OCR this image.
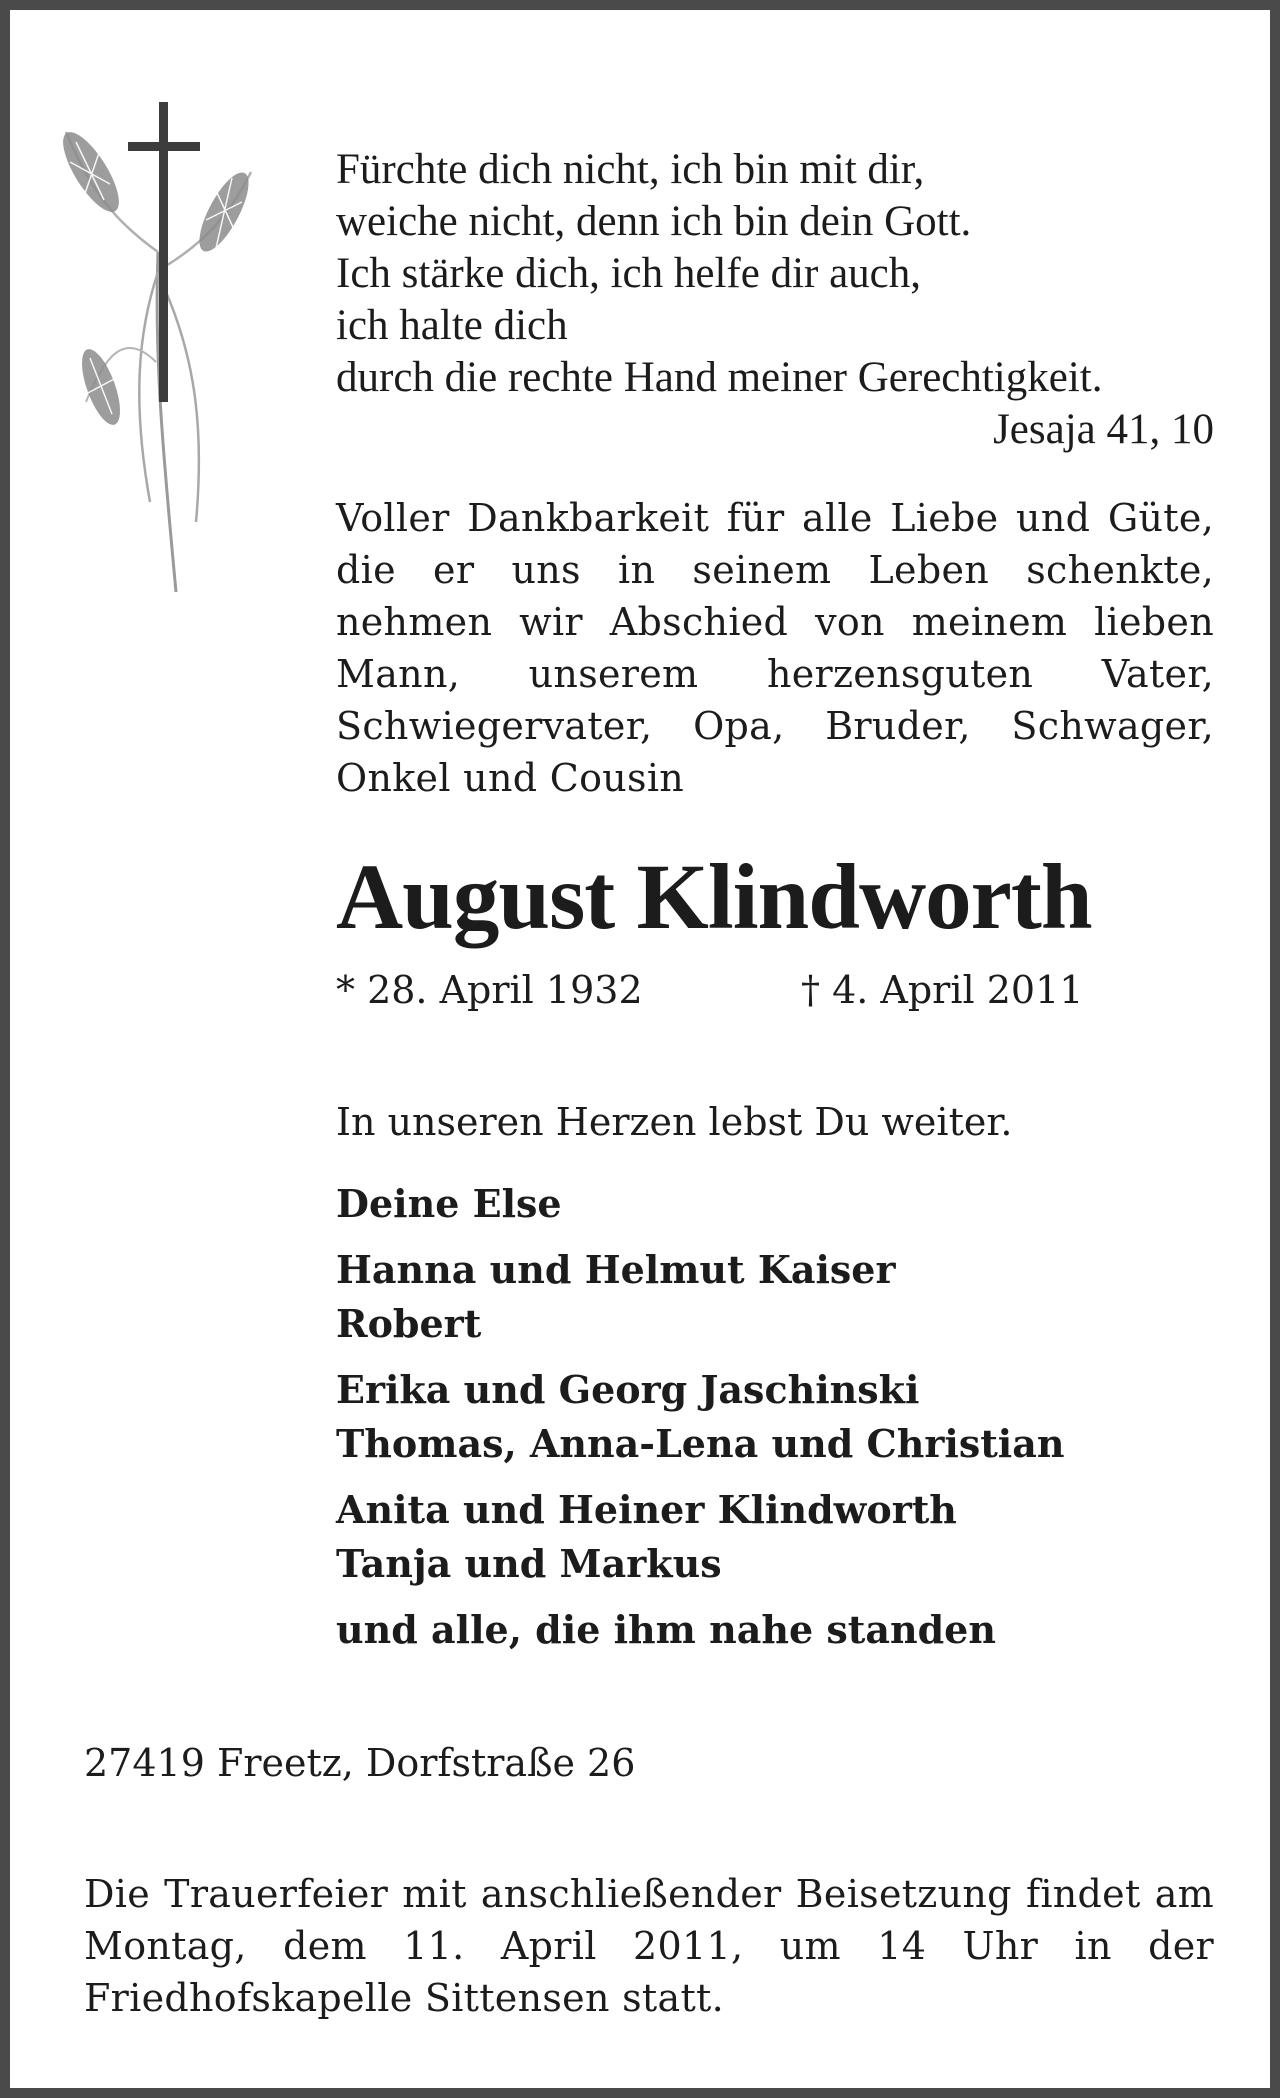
Fürchte dich nicht, ich bin mit dir,
weiche nicht, denn ich bin dein Gott.
Ich stärke dich, ich helfe dir auch,
ich halte dich
durch die rechte Hand meiner Gerechtigkeit.
Jesaja 41, 10
Voller Dankbarkeit für alle Liebe und Güte, die er uns in seinem Leben schenkte, nehmen wir Abschied von meinem lieben Mann, unserem herzensguten Vater, Schwiegervater, Opa, Bruder, Schwager, Onkel und Cousin
August Klindworth
* 28. April 1932	† 4. April 2011
In unseren Herzen lebst Du weiter.
Deine Else
Hanna und Helmut Kaiser
Robert
Erika und Georg Jaschinski
Thomas, Anna-Lena und Christian
Anita und Heiner Klindworth
Tanja und Markus
und alle, die ihm nahe standen
27419 Freetz, Dorfstraße 26
Die Trauerfeier mit anschließender Beisetzung findet am Montag, dem 11. April 2011, um 14 Uhr in der Friedhofskapelle Sittensen statt.
